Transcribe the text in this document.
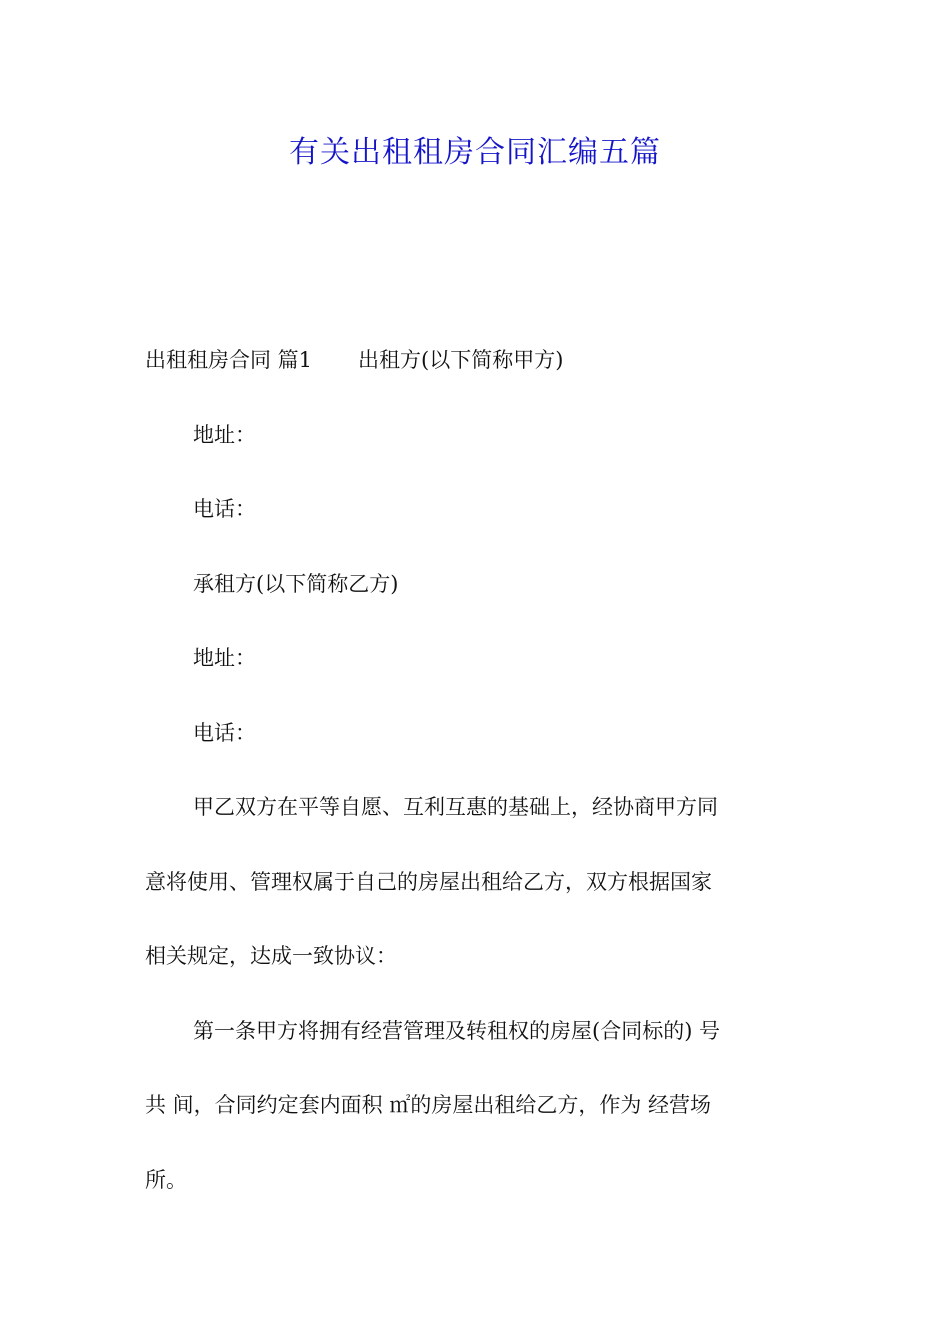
有关出租租房合同汇编五篇
出租租房合同 篇1 出租方(以下简称甲方)
地址：
电话：
承租方(以下简称乙方)
地址：
电话：
甲乙双方在平等自愿、互利互惠的基础上，经协商甲方同
意将使用、管理权属于自己的房屋出租给乙方，双方根据国家
相关规定，达成一致协议：
第一条甲方将拥有经营管理及转租权的房屋(合同标的) 号
共 间，合同约定套内面积 ㎡的房屋出租给乙方，作为 经营场
所。
